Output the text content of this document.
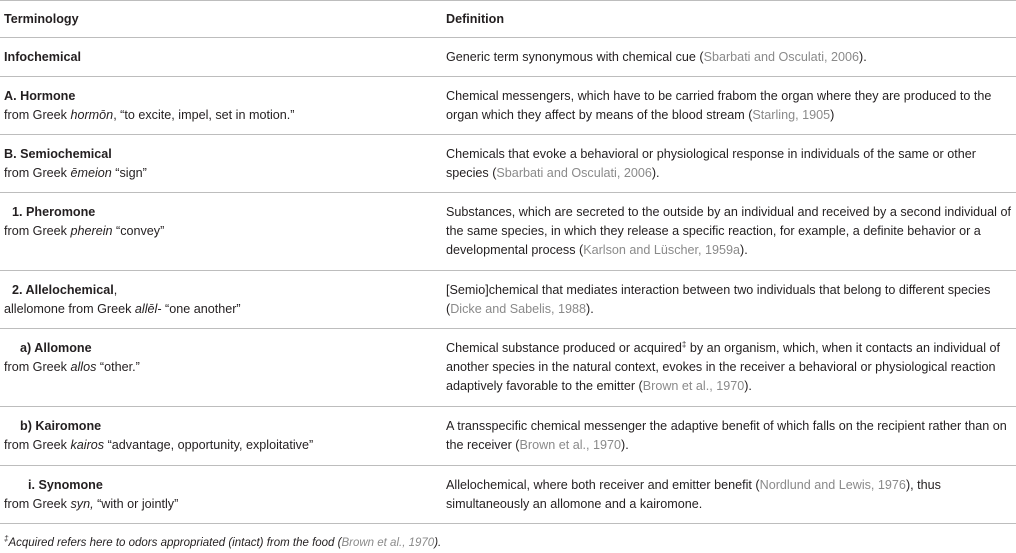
Terminology	Definition
Infochemical	Generic term synonymous with chemical cue (Sbarbati and Osculati, 2006).
A. Hormone
from Greek hormōn, “to excite, impel, set in motion.”
Chemical messengers, which have to be carried frabom the organ where they are produced to the organ which they affect by means of the blood stream (Starling, 1905)
B. Semiochemical
from Greek ēmeion “sign”
Chemicals that evoke a behavioral or physiological response in individuals of the same or other species (Sbarbati and Osculati, 2006).
1. Pheromone
from Greek pherein “convey”
Substances, which are secreted to the outside by an individual and received by a second individual of the same species, in which they release a specific reaction, for example, a definite behavior or a developmental process (Karlson and Lüscher, 1959a).
2. Allelochemical,
allelomone from Greek allēl- “one another”
[Semio]chemical that mediates interaction between two individuals that belong to different species (Dicke and Sabelis, 1988).
a) Allomone
from Greek allos “other.”
Chemical substance produced or acquired‡ by an organism, which, when it contacts an individual of another species in the natural context, evokes in the receiver a behavioral or physiological reaction adaptively favorable to the emitter (Brown et al., 1970).
b) Kairomone
from Greek kairos “advantage, opportunity, exploitative”
A transspecific chemical messenger the adaptive benefit of which falls on the recipient rather than on the receiver (Brown et al., 1970).
i. Synomone
from Greek syn, “with or jointly”
Allelochemical, where both receiver and emitter benefit (Nordlund and Lewis, 1976), thus simultaneously an allomone and a kairomone.
‡Acquired refers here to odors appropriated (intact) from the food (Brown et al., 1970).
